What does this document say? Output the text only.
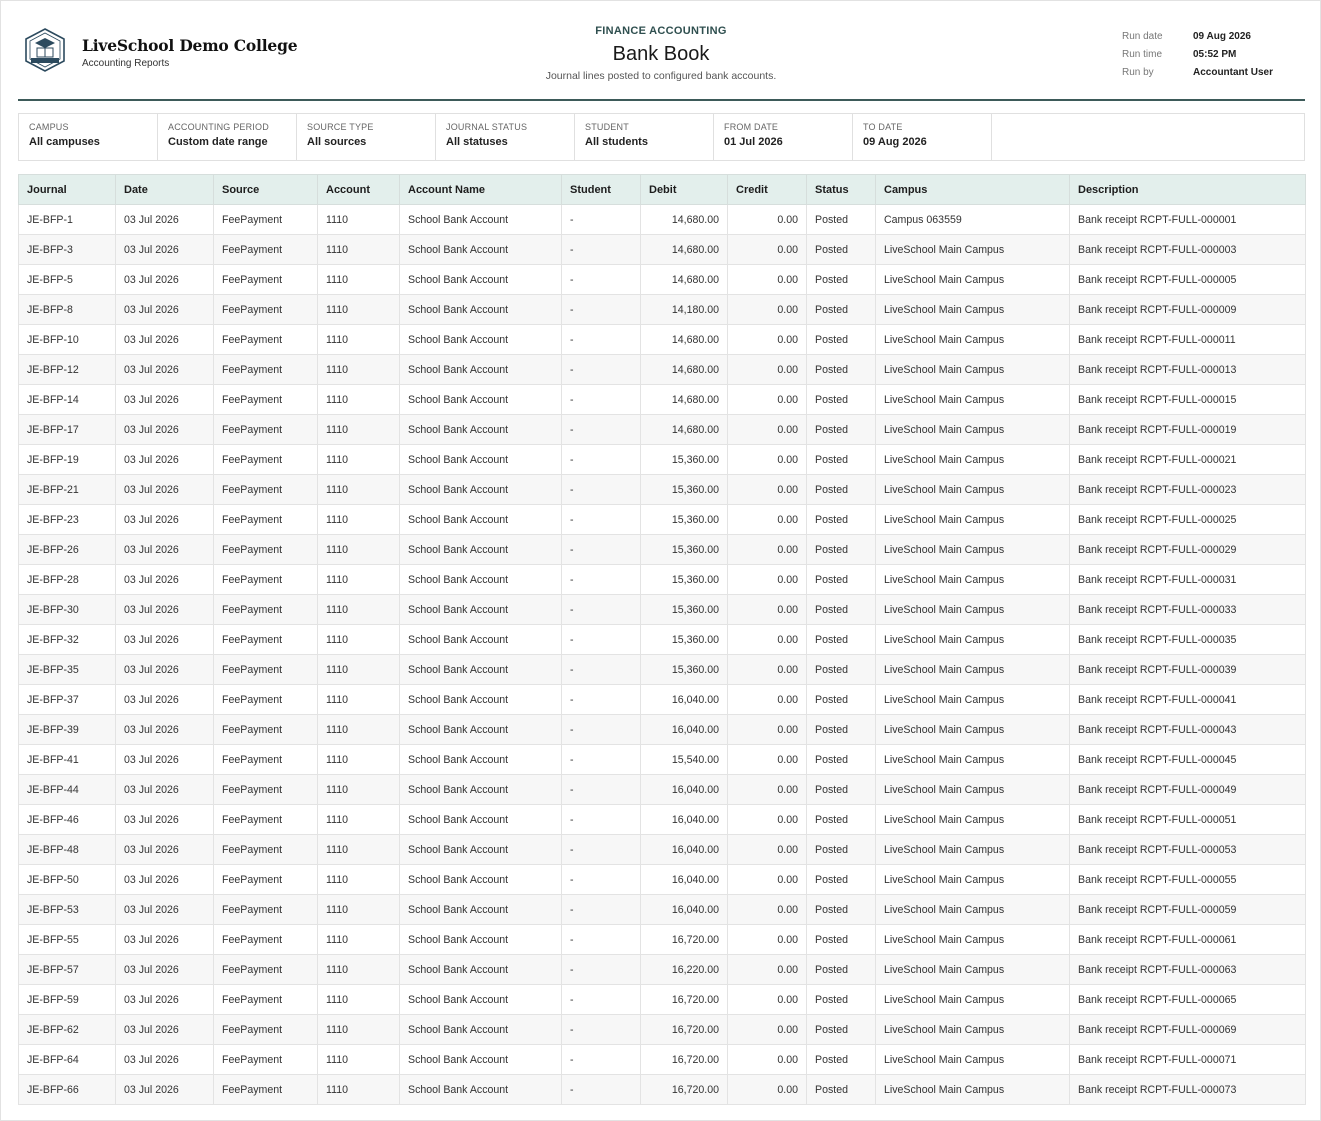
LiveSchool Demo College
Accounting Reports
FINANCE ACCOUNTING
Bank Book
Journal lines posted to configured bank accounts.
Run date	09 Aug 2026
Run time	05:52 PM
Run by	Accountant User
CAMPUS
All campuses
ACCOUNTING PERIOD
Custom date range
SOURCE TYPE
All sources
JOURNAL STATUS
All statuses
STUDENT
All students
FROM DATE
01 Jul 2026
TO DATE
09 Aug 2026
Journal	Date	Source	Account	Account Name	Student	Debit	Credit	Status	Campus	Description
JE-BFP-1	03 Jul 2026	FeePayment	1110	School Bank Account	-	14,680.00	0.00	Posted	Campus 063559	Bank receipt RCPT-FULL-000001
JE-BFP-3	03 Jul 2026	FeePayment	1110	School Bank Account	-	14,680.00	0.00	Posted	LiveSchool Main Campus	Bank receipt RCPT-FULL-000003
JE-BFP-5	03 Jul 2026	FeePayment	1110	School Bank Account	-	14,680.00	0.00	Posted	LiveSchool Main Campus	Bank receipt RCPT-FULL-000005
JE-BFP-8	03 Jul 2026	FeePayment	1110	School Bank Account	-	14,180.00	0.00	Posted	LiveSchool Main Campus	Bank receipt RCPT-FULL-000009
JE-BFP-10	03 Jul 2026	FeePayment	1110	School Bank Account	-	14,680.00	0.00	Posted	LiveSchool Main Campus	Bank receipt RCPT-FULL-000011
JE-BFP-12	03 Jul 2026	FeePayment	1110	School Bank Account	-	14,680.00	0.00	Posted	LiveSchool Main Campus	Bank receipt RCPT-FULL-000013
JE-BFP-14	03 Jul 2026	FeePayment	1110	School Bank Account	-	14,680.00	0.00	Posted	LiveSchool Main Campus	Bank receipt RCPT-FULL-000015
JE-BFP-17	03 Jul 2026	FeePayment	1110	School Bank Account	-	14,680.00	0.00	Posted	LiveSchool Main Campus	Bank receipt RCPT-FULL-000019
JE-BFP-19	03 Jul 2026	FeePayment	1110	School Bank Account	-	15,360.00	0.00	Posted	LiveSchool Main Campus	Bank receipt RCPT-FULL-000021
JE-BFP-21	03 Jul 2026	FeePayment	1110	School Bank Account	-	15,360.00	0.00	Posted	LiveSchool Main Campus	Bank receipt RCPT-FULL-000023
JE-BFP-23	03 Jul 2026	FeePayment	1110	School Bank Account	-	15,360.00	0.00	Posted	LiveSchool Main Campus	Bank receipt RCPT-FULL-000025
JE-BFP-26	03 Jul 2026	FeePayment	1110	School Bank Account	-	15,360.00	0.00	Posted	LiveSchool Main Campus	Bank receipt RCPT-FULL-000029
JE-BFP-28	03 Jul 2026	FeePayment	1110	School Bank Account	-	15,360.00	0.00	Posted	LiveSchool Main Campus	Bank receipt RCPT-FULL-000031
JE-BFP-30	03 Jul 2026	FeePayment	1110	School Bank Account	-	15,360.00	0.00	Posted	LiveSchool Main Campus	Bank receipt RCPT-FULL-000033
JE-BFP-32	03 Jul 2026	FeePayment	1110	School Bank Account	-	15,360.00	0.00	Posted	LiveSchool Main Campus	Bank receipt RCPT-FULL-000035
JE-BFP-35	03 Jul 2026	FeePayment	1110	School Bank Account	-	15,360.00	0.00	Posted	LiveSchool Main Campus	Bank receipt RCPT-FULL-000039
JE-BFP-37	03 Jul 2026	FeePayment	1110	School Bank Account	-	16,040.00	0.00	Posted	LiveSchool Main Campus	Bank receipt RCPT-FULL-000041
JE-BFP-39	03 Jul 2026	FeePayment	1110	School Bank Account	-	16,040.00	0.00	Posted	LiveSchool Main Campus	Bank receipt RCPT-FULL-000043
JE-BFP-41	03 Jul 2026	FeePayment	1110	School Bank Account	-	15,540.00	0.00	Posted	LiveSchool Main Campus	Bank receipt RCPT-FULL-000045
JE-BFP-44	03 Jul 2026	FeePayment	1110	School Bank Account	-	16,040.00	0.00	Posted	LiveSchool Main Campus	Bank receipt RCPT-FULL-000049
JE-BFP-46	03 Jul 2026	FeePayment	1110	School Bank Account	-	16,040.00	0.00	Posted	LiveSchool Main Campus	Bank receipt RCPT-FULL-000051
JE-BFP-48	03 Jul 2026	FeePayment	1110	School Bank Account	-	16,040.00	0.00	Posted	LiveSchool Main Campus	Bank receipt RCPT-FULL-000053
JE-BFP-50	03 Jul 2026	FeePayment	1110	School Bank Account	-	16,040.00	0.00	Posted	LiveSchool Main Campus	Bank receipt RCPT-FULL-000055
JE-BFP-53	03 Jul 2026	FeePayment	1110	School Bank Account	-	16,040.00	0.00	Posted	LiveSchool Main Campus	Bank receipt RCPT-FULL-000059
JE-BFP-55	03 Jul 2026	FeePayment	1110	School Bank Account	-	16,720.00	0.00	Posted	LiveSchool Main Campus	Bank receipt RCPT-FULL-000061
JE-BFP-57	03 Jul 2026	FeePayment	1110	School Bank Account	-	16,220.00	0.00	Posted	LiveSchool Main Campus	Bank receipt RCPT-FULL-000063
JE-BFP-59	03 Jul 2026	FeePayment	1110	School Bank Account	-	16,720.00	0.00	Posted	LiveSchool Main Campus	Bank receipt RCPT-FULL-000065
JE-BFP-62	03 Jul 2026	FeePayment	1110	School Bank Account	-	16,720.00	0.00	Posted	LiveSchool Main Campus	Bank receipt RCPT-FULL-000069
JE-BFP-64	03 Jul 2026	FeePayment	1110	School Bank Account	-	16,720.00	0.00	Posted	LiveSchool Main Campus	Bank receipt RCPT-FULL-000071
JE-BFP-66	03 Jul 2026	FeePayment	1110	School Bank Account	-	16,720.00	0.00	Posted	LiveSchool Main Campus	Bank receipt RCPT-FULL-000073
